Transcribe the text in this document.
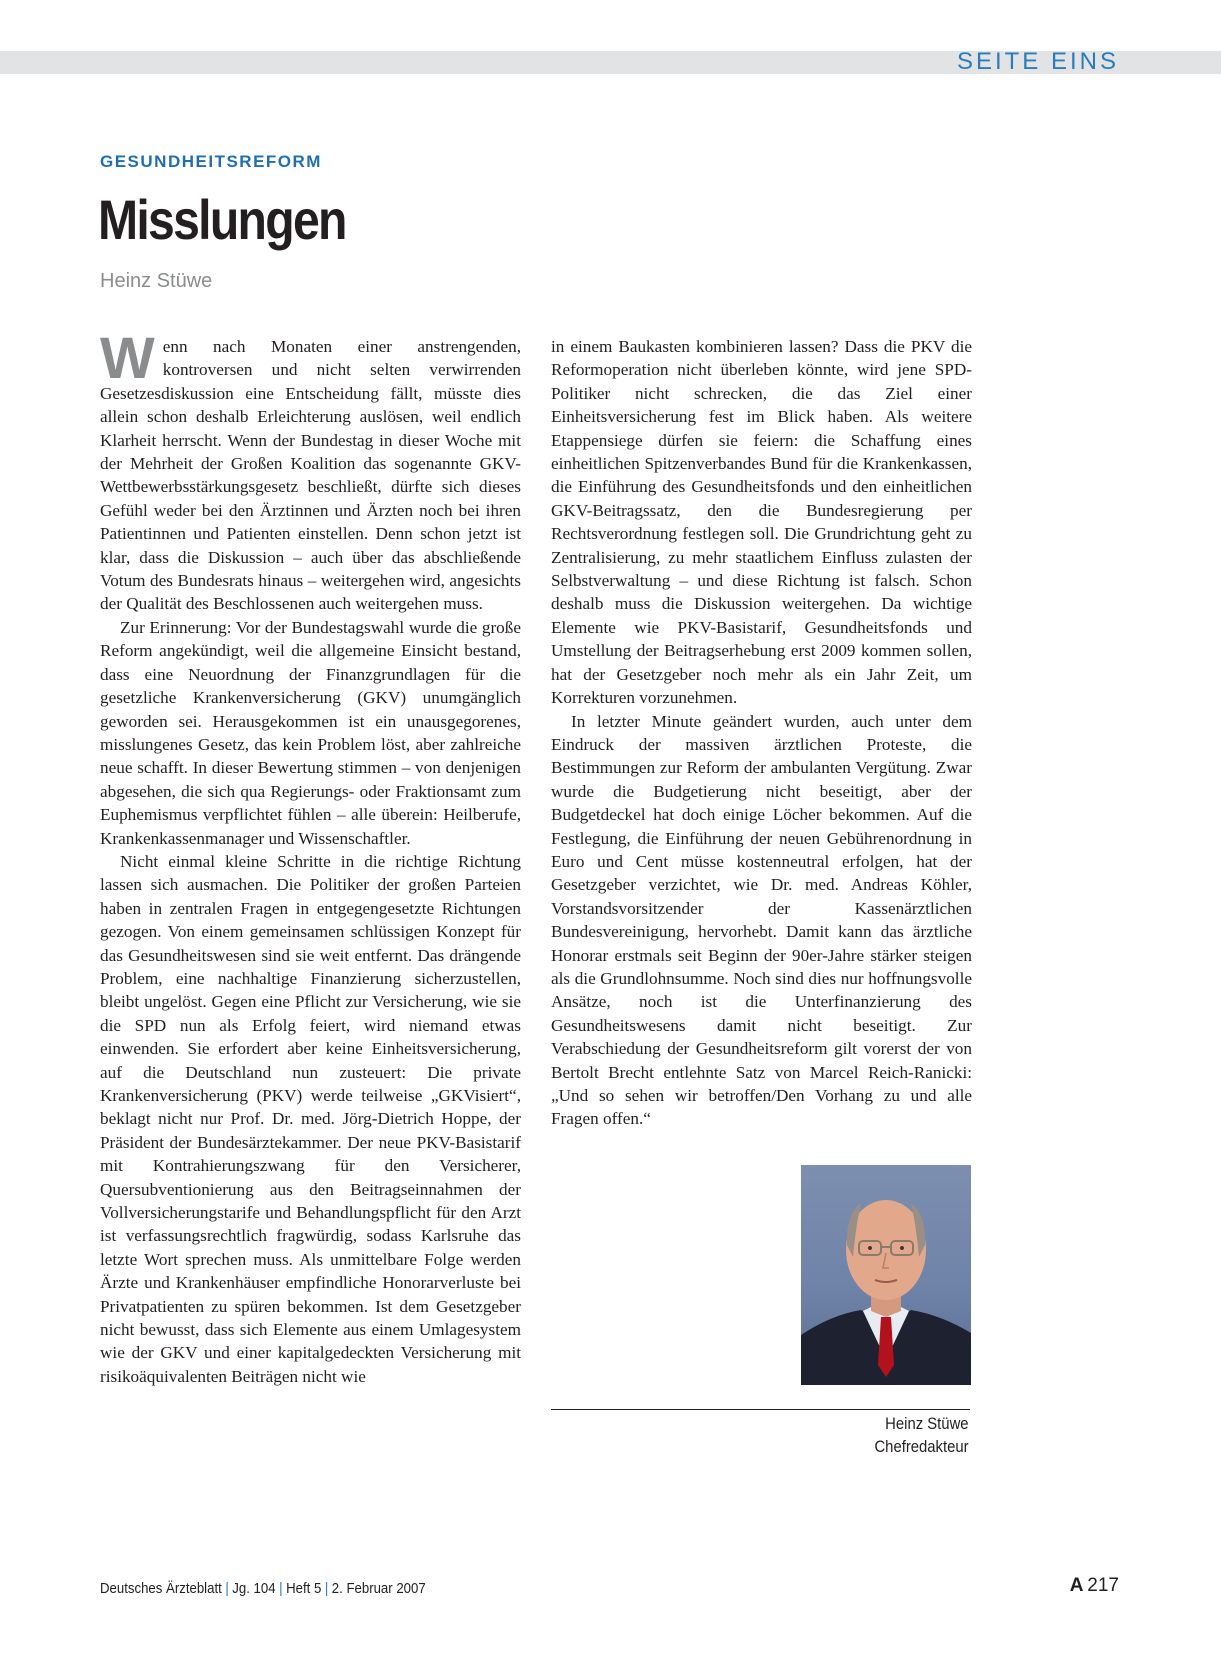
SEITE EINS
GESUNDHEITSREFORM
Misslungen
Heinz Stüwe

Wenn nach Monaten einer anstrengenden, kontroversen und nicht selten verwirrenden Gesetzesdiskussion eine Entscheidung fällt, müsste dies allein schon deshalb Erleichterung auslösen, weil endlich Klarheit herrscht. Wenn der Bundestag in dieser Woche mit der Mehrheit der Großen Koalition das sogenannte GKV-Wettbewerbsstärkungsgesetz beschließt, dürfte sich dieses Gefühl weder bei den Ärztinnen und Ärzten noch bei ihren Patientinnen und Patienten einstellen. Denn schon jetzt ist klar, dass die Diskussion – auch über das abschließende Votum des Bundesrats hinaus – weitergehen wird, angesichts der Qualität des Beschlossenen auch weitergehen muss.

Zur Erinnerung: Vor der Bundestagswahl wurde die große Reform angekündigt, weil die allgemeine Einsicht bestand, dass eine Neuordnung der Finanzgrundlagen für die gesetzliche Krankenversicherung (GKV) unumgänglich geworden sei. Herausgekommen ist ein unausgegorenes, misslungenes Gesetz, das kein Problem löst, aber zahlreiche neue schafft. In dieser Bewertung stimmen – von denjenigen abgesehen, die sich qua Regierungs- oder Fraktionsamt zum Euphemismus verpflichtet fühlen – alle überein: Heilberufe, Krankenkassenmanager und Wissenschaftler.

Nicht einmal kleine Schritte in die richtige Richtung lassen sich ausmachen. Die Politiker der großen Parteien haben in zentralen Fragen in entgegengesetzte Richtungen gezogen. Von einem gemeinsamen schlüssigen Konzept für das Gesundheitswesen sind sie weit entfernt. Das drängende Problem, eine nachhaltige Finanzierung sicherzustellen, bleibt ungelöst. Gegen eine Pflicht zur Versicherung, wie sie die SPD nun als Erfolg feiert, wird niemand etwas einwenden. Sie erfordert aber keine Einheitsversicherung, auf die Deutschland nun zusteuert: Die private Krankenversicherung (PKV) werde teilweise „GKVisiert“, beklagt nicht nur Prof. Dr. med. Jörg-Dietrich Hoppe, der Präsident der Bundesärztekammer. Der neue PKV-Basistarif mit Kontrahierungszwang für den Versicherer, Quersubventionierung aus den Beitragseinnahmen der Vollversicherungstarife und Behandlungspflicht für den Arzt ist verfassungsrechtlich fragwürdig, sodass Karlsruhe das letzte Wort sprechen muss. Als unmittelbare Folge werden Ärzte und Krankenhäuser empfindliche Honorarverluste bei Privatpatienten zu spüren bekommen. Ist dem Gesetzgeber nicht bewusst, dass sich Elemente aus einem Umlagesystem wie der GKV und einer kapitalgedeckten Versicherung mit risikoäquivalenten Beiträgen nicht wie

in einem Baukasten kombinieren lassen? Dass die PKV die Reformoperation nicht überleben könnte, wird jene SPD-Politiker nicht schrecken, die das Ziel einer Einheitsversicherung fest im Blick haben. Als weitere Etappensiege dürfen sie feiern: die Schaffung eines einheitlichen Spitzenverbandes Bund für die Krankenkassen, die Einführung des Gesundheitsfonds und den einheitlichen GKV-Beitragssatz, den die Bundesregierung per Rechtsverordnung festlegen soll. Die Grundrichtung geht zu Zentralisierung, zu mehr staatlichem Einfluss zulasten der Selbstverwaltung – und diese Richtung ist falsch. Schon deshalb muss die Diskussion weitergehen. Da wichtige Elemente wie PKV-Basistarif, Gesundheitsfonds und Umstellung der Beitragserhebung erst 2009 kommen sollen, hat der Gesetzgeber noch mehr als ein Jahr Zeit, um Korrekturen vorzunehmen.

In letzter Minute geändert wurden, auch unter dem Eindruck der massiven ärztlichen Proteste, die Bestimmungen zur Reform der ambulanten Vergütung. Zwar wurde die Budgetierung nicht beseitigt, aber der Budgetdeckel hat doch einige Löcher bekommen. Auf die Festlegung, die Einführung der neuen Gebührenordnung in Euro und Cent müsse kostenneutral erfolgen, hat der Gesetzgeber verzichtet, wie Dr. med. Andreas Köhler, Vorstandsvorsitzender der Kassenärztlichen Bundesvereinigung, hervorhebt. Damit kann das ärztliche Honorar erstmals seit Beginn der 90er-Jahre stärker steigen als die Grundlohnsumme. Noch sind dies nur hoffnungsvolle Ansätze, noch ist die Unterfinanzierung des Gesundheitswesens damit nicht beseitigt. Zur Verabschiedung der Gesundheitsreform gilt vorerst der von Bertolt Brecht entlehnte Satz von Marcel Reich-Ranicki: „Und so sehen wir betroffen/Den Vorhang zu und alle Fragen offen.“

Heinz Stüwe
Chefredakteur
Deutsches Ärzteblatt | Jg. 104 | Heft 5 | 2. Februar 2007	A  217
